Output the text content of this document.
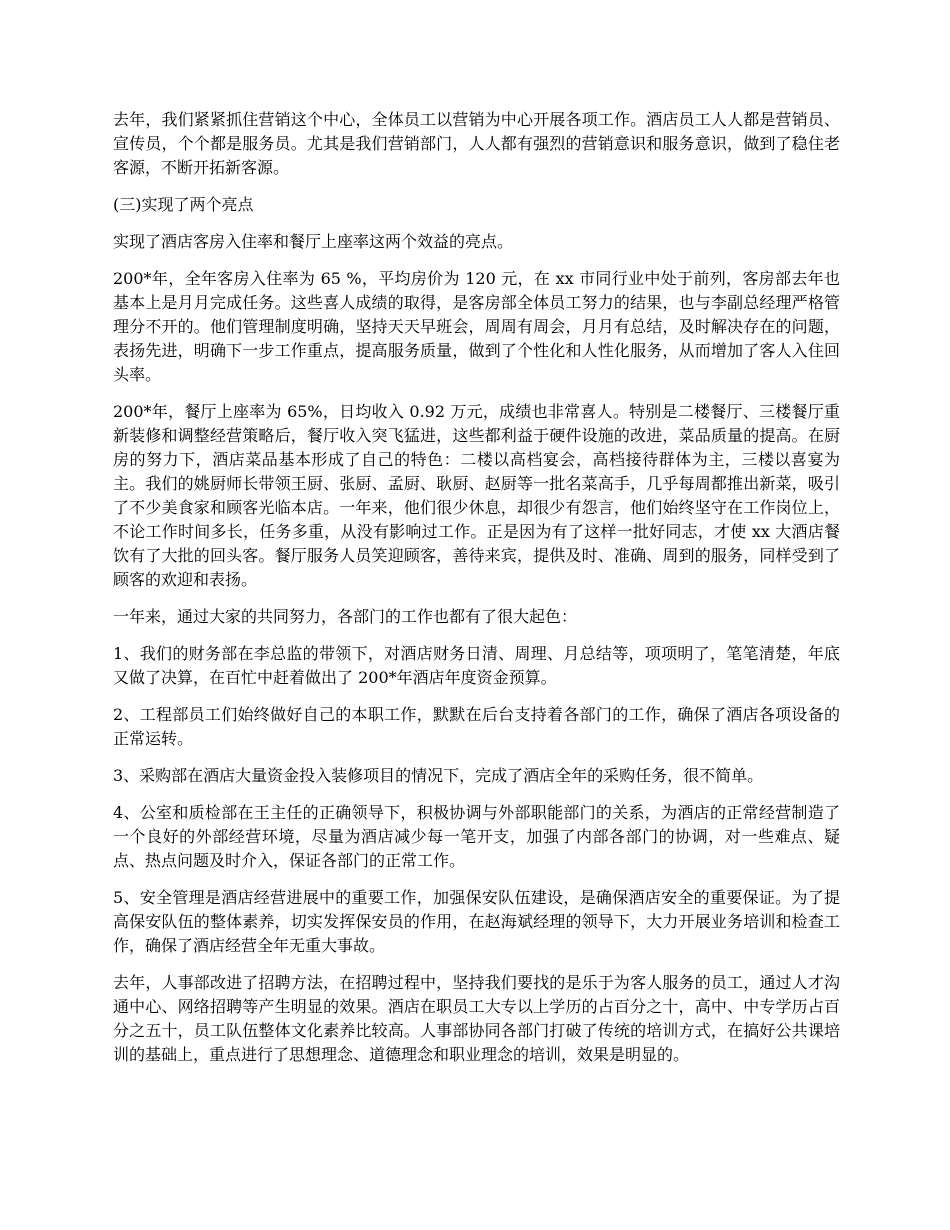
去年，我们紧紧抓住营销这个中心，全体员工以营销为中心开展各项工作。酒店员工人人都是营销员、宣传员，个个都是服务员。尤其是我们营销部门，人人都有强烈的营销意识和服务意识，做到了稳住老客源，不断开拓新客源。

(三)实现了两个亮点

实现了酒店客房入住率和餐厅上座率这两个效益的亮点。

200*年，全年客房入住率为 65 %，平均房价为 120 元，在 xx 市同行业中处于前列，客房部去年也基本上是月月完成任务。这些喜人成绩的取得，是客房部全体员工努力的结果，也与李副总经理严格管理分不开的。他们管理制度明确，坚持天天早班会，周周有周会，月月有总结，及时解决存在的问题，表扬先进，明确下一步工作重点，提高服务质量，做到了个性化和人性化服务，从而增加了客人入住回头率。

200*年，餐厅上座率为 65%，日均收入 0.92 万元，成绩也非常喜人。特别是二楼餐厅、三楼餐厅重新装修和调整经营策略后，餐厅收入突飞猛进，这些都利益于硬件设施的改进，菜品质量的提高。在厨房的努力下，酒店菜品基本形成了自己的特色：二楼以高档宴会，高档接待群体为主，三楼以喜宴为主。我们的姚厨师长带领王厨、张厨、孟厨、耿厨、赵厨等一批名菜高手，几乎每周都推出新菜，吸引了不少美食家和顾客光临本店。一年来，他们很少休息，却很少有怨言，他们始终坚守在工作岗位上，不论工作时间多长，任务多重，从没有影响过工作。正是因为有了这样一批好同志，才使 xx 大酒店餐饮有了大批的回头客。餐厅服务人员笑迎顾客，善待来宾，提供及时、准确、周到的服务，同样受到了顾客的欢迎和表扬。

一年来，通过大家的共同努力，各部门的工作也都有了很大起色：

1、我们的财务部在李总监的带领下，对酒店财务日清、周理、月总结等，项项明了，笔笔清楚，年底又做了决算，在百忙中赶着做出了 200*年酒店年度资金预算。

2、工程部员工们始终做好自己的本职工作，默默在后台支持着各部门的工作，确保了酒店各项设备的正常运转。

3、采购部在酒店大量资金投入装修项目的情况下，完成了酒店全年的采购任务，很不简单。

4、公室和质检部在王主任的正确领导下，积极协调与外部职能部门的关系，为酒店的正常经营制造了一个良好的外部经营环境，尽量为酒店减少每一笔开支，加强了内部各部门的协调，对一些难点、疑点、热点问题及时介入，保证各部门的正常工作。

5、安全管理是酒店经营进展中的重要工作，加强保安队伍建设，是确保酒店安全的重要保证。为了提高保安队伍的整体素养，切实发挥保安员的作用，在赵海斌经理的领导下，大力开展业务培训和检查工作，确保了酒店经营全年无重大事故。

去年，人事部改进了招聘方法，在招聘过程中，坚持我们要找的是乐于为客人服务的员工，通过人才沟通中心、网络招聘等产生明显的效果。酒店在职员工大专以上学历的占百分之十，高中、中专学历占百分之五十，员工队伍整体文化素养比较高。人事部协同各部门打破了传统的培训方式，在搞好公共课培训的基础上，重点进行了思想理念、道德理念和职业理念的培训，效果是明显的。
